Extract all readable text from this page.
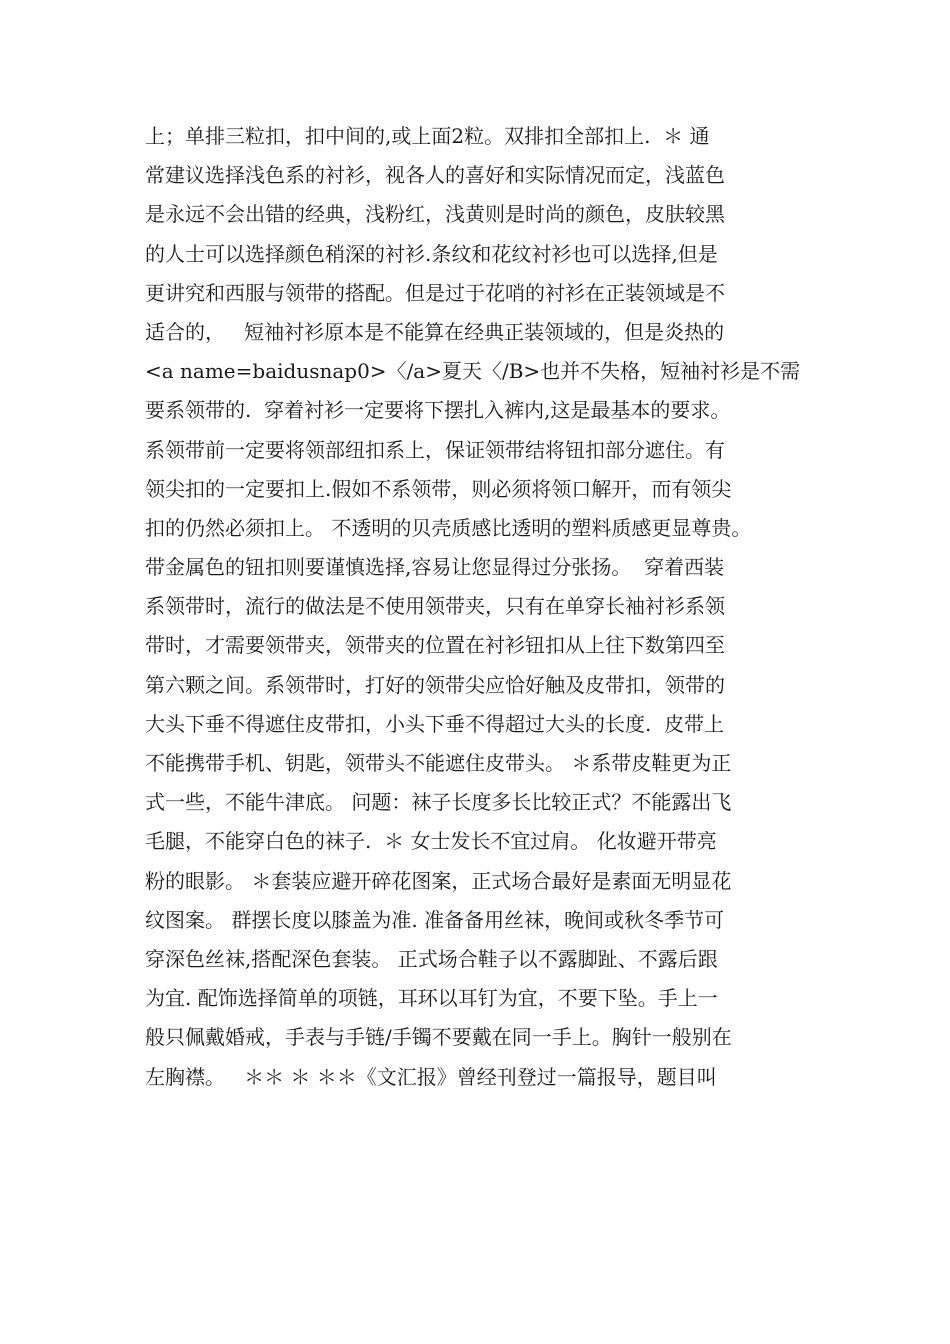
上；单排三粒扣，扣中间的,或上面2粒。双排扣全部扣上.  ＊ 通
常建议选择浅色系的衬衫，视各人的喜好和实际情况而定，浅蓝色
是永远不会出错的经典，浅粉红，浅黄则是时尚的颜色，皮肤较黑
的人士可以选择颜色稍深的衬衫.条纹和花纹衬衫也可以选择,但是
更讲究和西服与领带的搭配。但是过于花哨的衬衫在正装领域是不
适合的，   短袖衬衫原本是不能算在经典正装领域的，但是炎热的
<a name=baidusnap0>〈/a>夏天〈/B>也并不失格，短袖衬衫是不需
要系领带的.  穿着衬衫一定要将下摆扎入裤内,这是最基本的要求。
系领带前一定要将领部纽扣系上，保证领带结将钮扣部分遮住。有
领尖扣的一定要扣上.假如不系领带，则必须将领口解开，而有领尖
扣的仍然必须扣上。 不透明的贝壳质感比透明的塑料质感更显尊贵。
带金属色的钮扣则要谨慎选择,容易让您显得过分张扬。  穿着西装
系领带时，流行的做法是不使用领带夹，只有在单穿长袖衬衫系领
带时，才需要领带夹，领带夹的位置在衬衫钮扣从上往下数第四至
第六颗之间。系领带时，打好的领带尖应恰好触及皮带扣，领带的
大头下垂不得遮住皮带扣，小头下垂不得超过大头的长度.  皮带上
不能携带手机、钥匙，领带头不能遮住皮带头。 ＊系带皮鞋更为正
式一些，不能牛津底。 问题：袜子长度多长比较正式？不能露出飞
毛腿，不能穿白色的袜子.  ＊ 女士发长不宜过肩。 化妆避开带亮
粉的眼影。 ＊套装应避开碎花图案，正式场合最好是素面无明显花
纹图案。 群摆长度以膝盖为准. 准备备用丝袜，晚间或秋冬季节可
穿深色丝袜,搭配深色套装。 正式场合鞋子以不露脚趾、不露后跟
为宜. 配饰选择简单的项链，耳环以耳钉为宜，不要下坠。手上一
般只佩戴婚戒，手表与手链/手镯不要戴在同一手上。胸针一般别在
左胸襟。   ＊＊ ＊ ＊＊《文汇报》曾经刊登过一篇报导，题目叫
